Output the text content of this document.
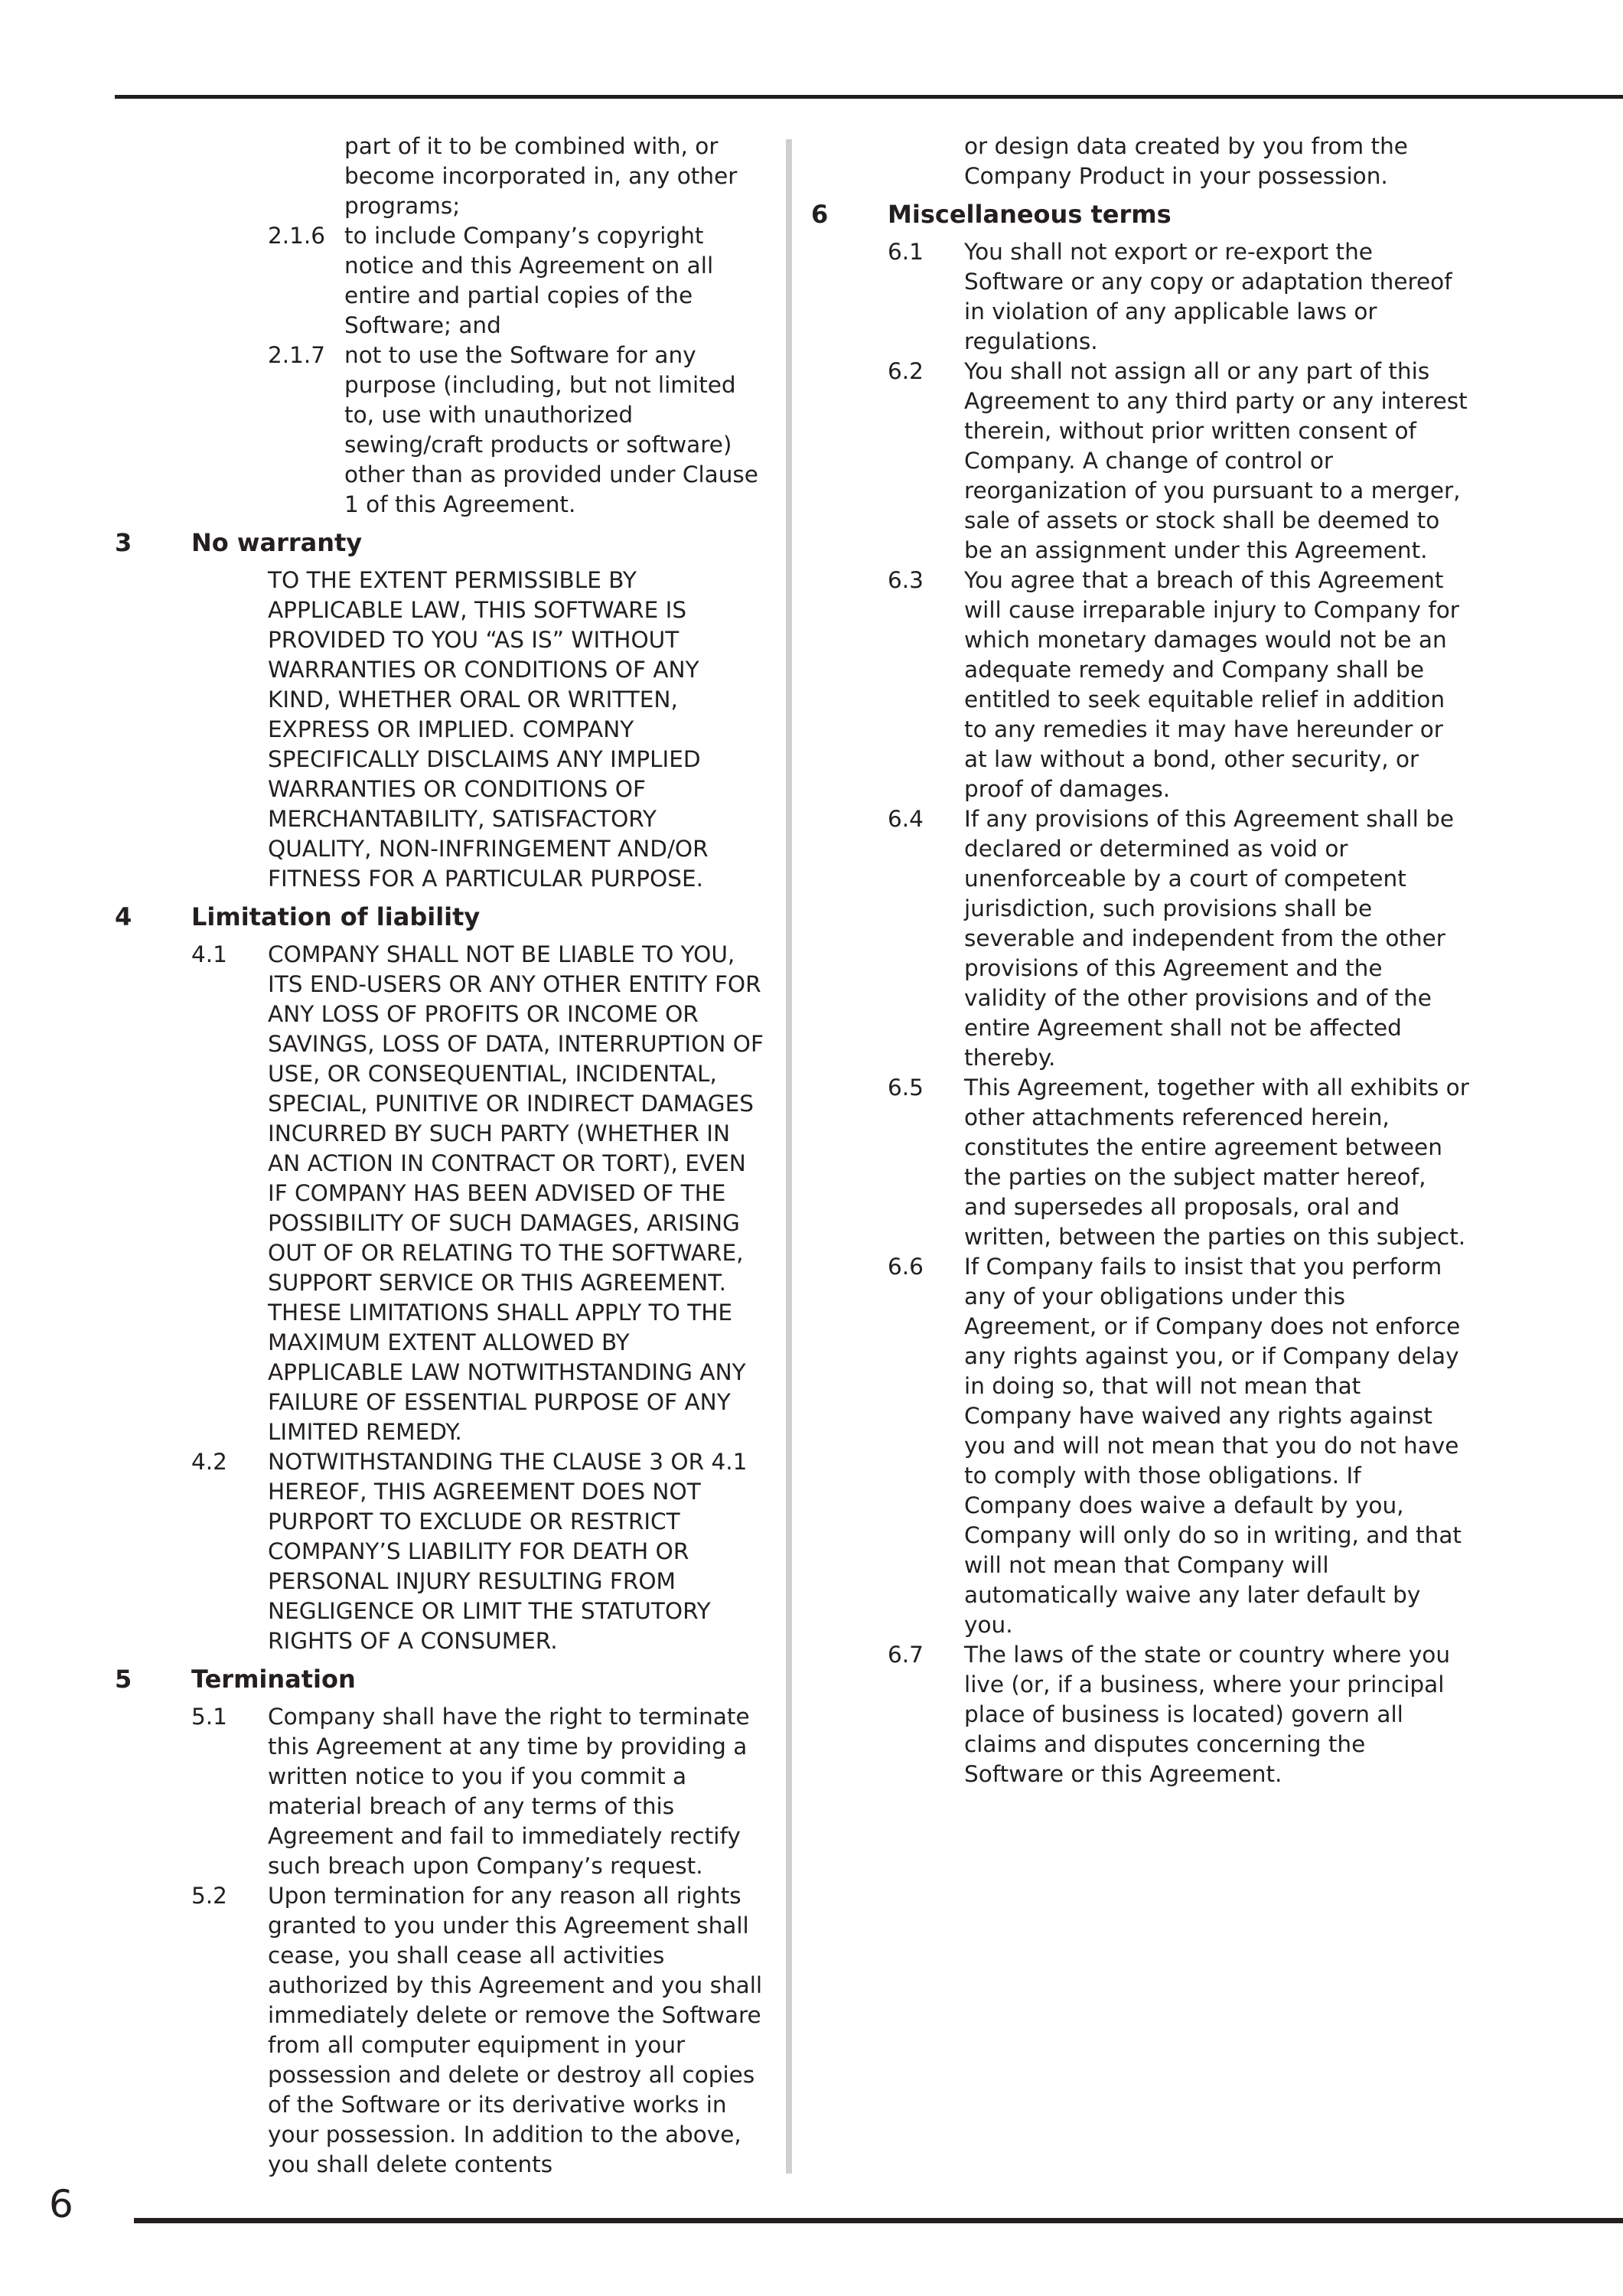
part of it to be combined with, or become incorporated in, any other programs;
2.1.6 to include Company’s copyright notice and this Agreement on all entire and partial copies of the Software; and
2.1.7 not to use the Software for any purpose (including, but not limited to, use with unauthorized sewing/craft products or software) other than as provided under Clause 1 of this Agreement.
3	No warranty
TO THE EXTENT PERMISSIBLE BY APPLICABLE LAW, THIS SOFTWARE IS PROVIDED TO YOU “AS IS” WITHOUT WARRANTIES OR CONDITIONS OF ANY KIND, WHETHER ORAL OR WRITTEN, EXPRESS OR IMPLIED. COMPANY SPECIFICALLY DISCLAIMS ANY IMPLIED WARRANTIES OR CONDITIONS OF MERCHANTABILITY, SATISFACTORY QUALITY, NON-INFRINGEMENT AND/OR FITNESS FOR A PARTICULAR PURPOSE.
4	Limitation of liability
4.1	COMPANY SHALL NOT BE LIABLE TO YOU, ITS END-USERS OR ANY OTHER ENTITY FOR ANY LOSS OF PROFITS OR INCOME OR SAVINGS, LOSS OF DATA, INTERRUPTION OF USE, OR CONSEQUENTIAL, INCIDENTAL, SPECIAL, PUNITIVE OR INDIRECT DAMAGES INCURRED BY SUCH PARTY (WHETHER IN AN ACTION IN CONTRACT OR TORT), EVEN IF COMPANY HAS BEEN ADVISED OF THE POSSIBILITY OF SUCH DAMAGES, ARISING OUT OF OR RELATING TO THE SOFTWARE, SUPPORT SERVICE OR THIS AGREEMENT. THESE LIMITATIONS SHALL APPLY TO THE MAXIMUM EXTENT ALLOWED BY APPLICABLE LAW NOTWITHSTANDING ANY FAILURE OF ESSENTIAL PURPOSE OF ANY LIMITED REMEDY.
4.2	NOTWITHSTANDING THE CLAUSE 3 OR 4.1 HEREOF, THIS AGREEMENT DOES NOT PURPORT TO EXCLUDE OR RESTRICT COMPANY’S LIABILITY FOR DEATH OR PERSONAL INJURY RESULTING FROM NEGLIGENCE OR LIMIT THE STATUTORY RIGHTS OF A CONSUMER.
5	Termination
5.1	Company shall have the right to terminate this Agreement at any time by providing a written notice to you if you commit a material breach of any terms of this Agreement and fail to immediately rectify such breach upon Company’s request.
5.2	Upon termination for any reason all rights granted to you under this Agreement shall cease, you shall cease all activities authorized by this Agreement and you shall immediately delete or remove the Software from all computer equipment in your possession and delete or destroy all copies of the Software or its derivative works in your possession. In addition to the above, you shall delete contents
or design data created by you from the Company Product in your possession.
6	Miscellaneous terms
6.1	You shall not export or re-export the Software or any copy or adaptation thereof in violation of any applicable laws or regulations.
6.2	You shall not assign all or any part of this Agreement to any third party or any interest therein, without prior written consent of Company. A change of control or reorganization of you pursuant to a merger, sale of assets or stock shall be deemed to be an assignment under this Agreement.
6.3	You agree that a breach of this Agreement will cause irreparable injury to Company for which monetary damages would not be an adequate remedy and Company shall be entitled to seek equitable relief in addition to any remedies it may have hereunder or at law without a bond, other security, or proof of damages.
6.4	If any provisions of this Agreement shall be declared or determined as void or unenforceable by a court of competent jurisdiction, such provisions shall be severable and independent from the other provisions of this Agreement and the validity of the other provisions and of the entire Agreement shall not be affected thereby.
6.5	This Agreement, together with all exhibits or other attachments referenced herein, constitutes the entire agreement between the parties on the subject matter hereof, and supersedes all proposals, oral and written, between the parties on this subject.
6.6	If Company fails to insist that you perform any of your obligations under this Agreement, or if Company does not enforce any rights against you, or if Company delay in doing so, that will not mean that Company have waived any rights against you and will not mean that you do not have to comply with those obligations. If Company does waive a default by you, Company will only do so in writing, and that will not mean that Company will automatically waive any later default by you.
6.7	The laws of the state or country where you live (or, if a business, where your principal place of business is located) govern all claims and disputes concerning the Software or this Agreement.
6
